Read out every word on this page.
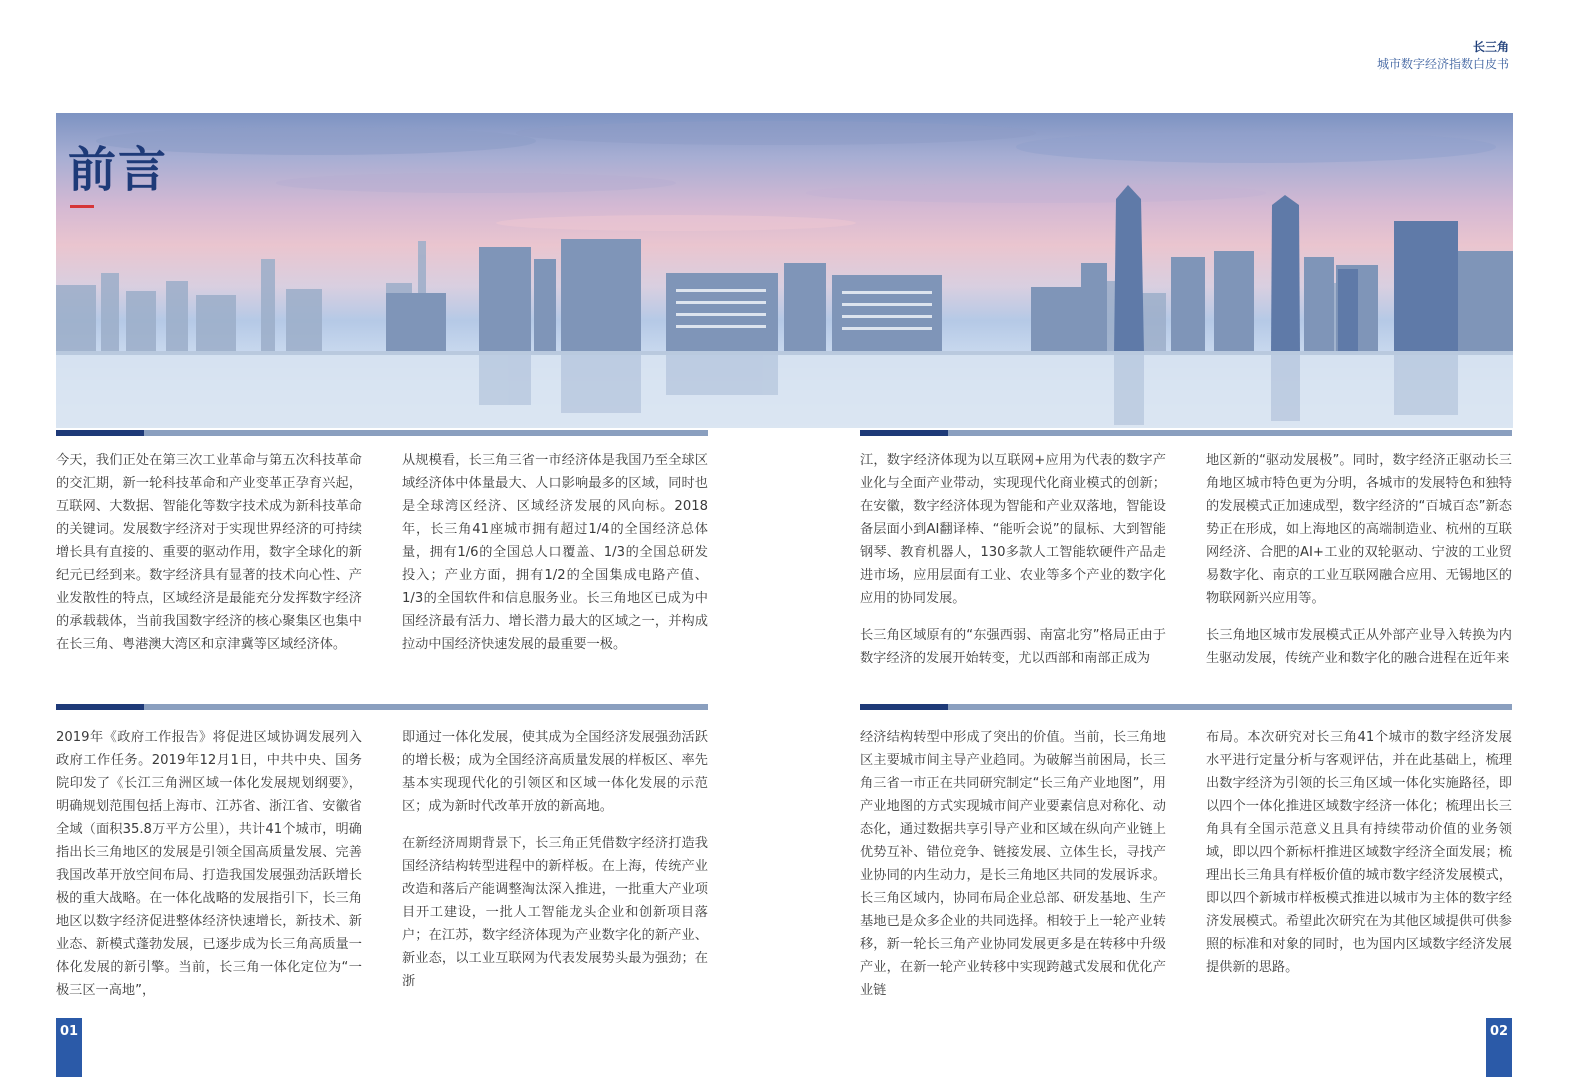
长三角
城市数字经济指数白皮书
前言

今天，我们正处在第三次工业革命与第五次科技革命的交汇期，新一轮科技革命和产业变革正孕育兴起，互联网、大数据、智能化等数字技术成为新科技革命的关键词。发展数字经济对于实现世界经济的可持续增长具有直接的、重要的驱动作用，数字全球化的新纪元已经到来。数字经济具有显著的技术向心性、产业发散性的特点，区域经济是最能充分发挥数字经济的承载载体，当前我国数字经济的核心聚集区也集中在长三角、粤港澳大湾区和京津冀等区域经济体。

从规模看，长三角三省一市经济体是我国乃至全球区域经济体中体量最大、人口影响最多的区域，同时也是全球湾区经济、区域经济发展的风向标。2018年，长三角41座城市拥有超过1/4的全国经济总体量，拥有1/6的全国总人口覆盖、1/3的全国总研发投入；产业方面，拥有1/2的全国集成电路产值、1/3的全国软件和信息服务业。长三角地区已成为中国经济最有活力、增长潜力最大的区域之一，并构成拉动中国经济快速发展的最重要一极。

2019年《政府工作报告》将促进区域协调发展列入政府工作任务。2019年12月1日，中共中央、国务院印发了《长江三角洲区域一体化发展规划纲要》，明确规划范围包括上海市、江苏省、浙江省、安徽省全域（面积35.8万平方公里），共计41个城市，明确指出长三角地区的发展是引领全国高质量发展、完善我国改革开放空间布局、打造我国发展强劲活跃增长极的重大战略。在一体化战略的发展指引下，长三角地区以数字经济促进整体经济快速增长，新技术、新业态、新模式蓬勃发展，已逐步成为长三角高质量一体化发展的新引擎。当前，长三角一体化定位为“一极三区一高地”，

即通过一体化发展，使其成为全国经济发展强劲活跃的增长极；成为全国经济高质量发展的样板区、率先基本实现现代化的引领区和区域一体化发展的示范区；成为新时代改革开放的新高地。

在新经济周期背景下，长三角正凭借数字经济打造我国经济结构转型进程中的新样板。在上海，传统产业改造和落后产能调整淘汰深入推进，一批重大产业项目开工建设，一批人工智能龙头企业和创新项目落户；在江苏，数字经济体现为产业数字化的新产业、新业态，以工业互联网为代表发展势头最为强劲；在浙

江，数字经济体现为以互联网+应用为代表的数字产业化与全面产业带动，实现现代化商业模式的创新；在安徽，数字经济体现为智能和产业双落地，智能设备层面小到AI翻译棒、“能听会说”的鼠标、大到智能钢琴、教育机器人，130多款人工智能软硬件产品走进市场，应用层面有工业、农业等多个产业的数字化应用的协同发展。

长三角区域原有的“东强西弱、南富北穷”格局正由于数字经济的发展开始转变，尤以西部和南部正成为

地区新的“驱动发展极”。同时，数字经济正驱动长三角地区城市特色更为分明，各城市的发展特色和独特的发展模式正加速成型，数字经济的“百城百态”新态势正在形成，如上海地区的高端制造业、杭州的互联网经济、合肥的AI+工业的双轮驱动、宁波的工业贸易数字化、南京的工业互联网融合应用、无锡地区的物联网新兴应用等。

长三角地区城市发展模式正从外部产业导入转换为内生驱动发展，传统产业和数字化的融合进程在近年来

经济结构转型中形成了突出的价值。当前，长三角地区主要城市间主导产业趋同。为破解当前困局，长三角三省一市正在共同研究制定“长三角产业地图”，用产业地图的方式实现城市间产业要素信息对称化、动态化，通过数据共享引导产业和区域在纵向产业链上优势互补、错位竞争、链接发展、立体生长，寻找产业协同的内生动力，是长三角地区共同的发展诉求。长三角区域内，协同布局企业总部、研发基地、生产基地已是众多企业的共同选择。相较于上一轮产业转移，新一轮长三角产业协同发展更多是在转移中升级产业，在新一轮产业转移中实现跨越式发展和优化产业链

布局。本次研究对长三角41个城市的数字经济发展水平进行定量分析与客观评估，并在此基础上，梳理出数字经济为引领的长三角区域一体化实施路径，即以四个一体化推进区域数字经济一体化；梳理出长三角具有全国示范意义且具有持续带动价值的业务领域，即以四个新标杆推进区域数字经济全面发展；梳理出长三角具有样板价值的城市数字经济发展模式，即以四个新城市样板模式推进以城市为主体的数字经济发展模式。希望此次研究在为其他区域提供可供参照的标准和对象的同时，也为国内区域数字经济发展提供新的思路。

01	02
